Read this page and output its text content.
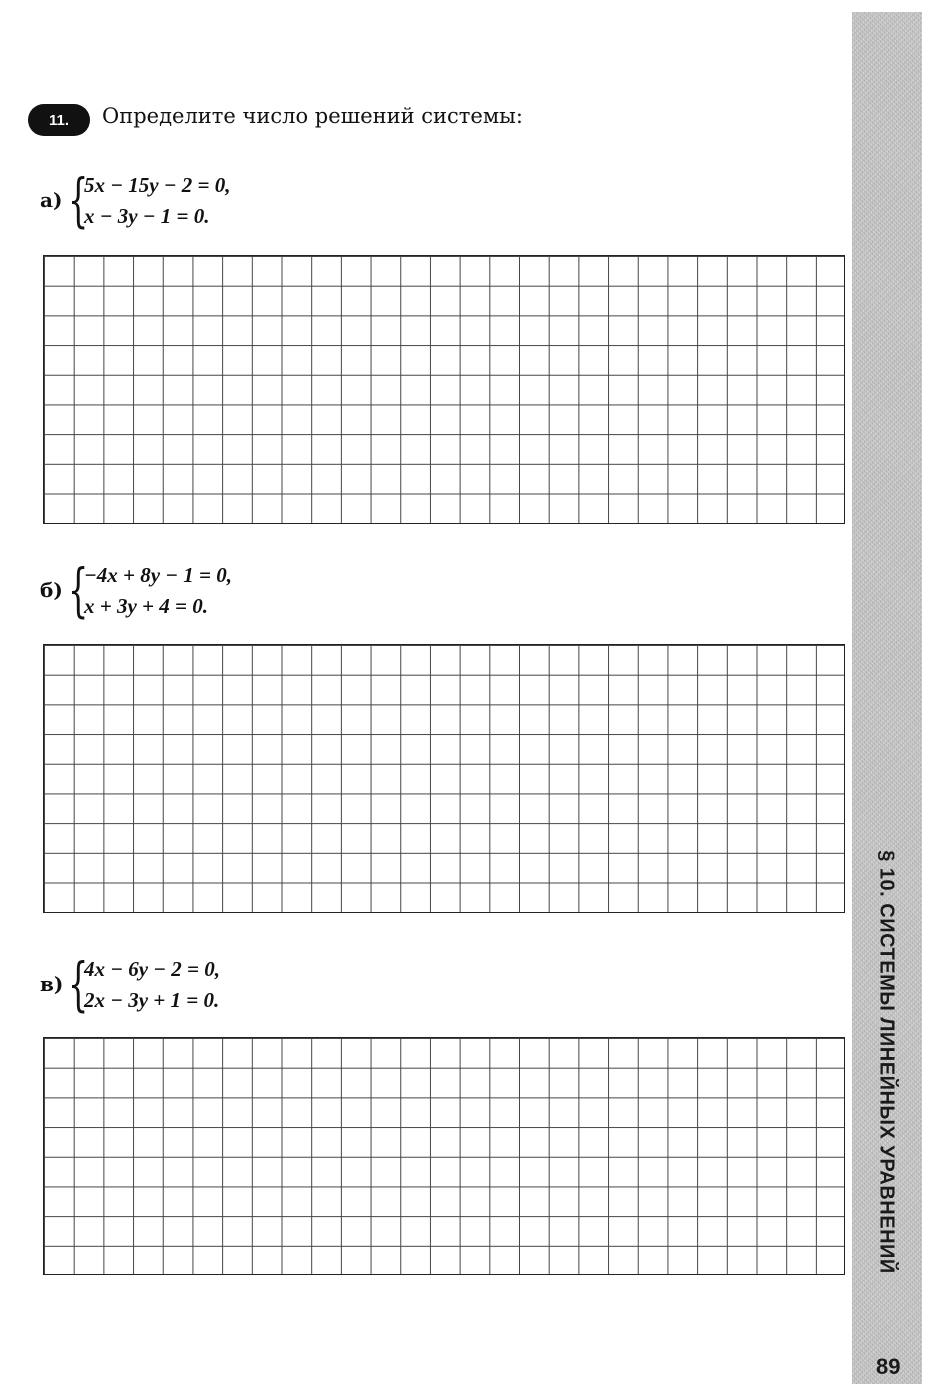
§ 10. СИСТЕМЫ ЛИНЕЙНЫХ УРАВНЕНИЙ
89
11.	Определите число решений системы:
а) {
5x − 15y − 2 = 0,
x − 3y − 1 = 0.
б) {
−4x + 8y − 1 = 0,
x + 3y + 4 = 0.
в) {
4x − 6y − 2 = 0,
2x − 3y + 1 = 0.
